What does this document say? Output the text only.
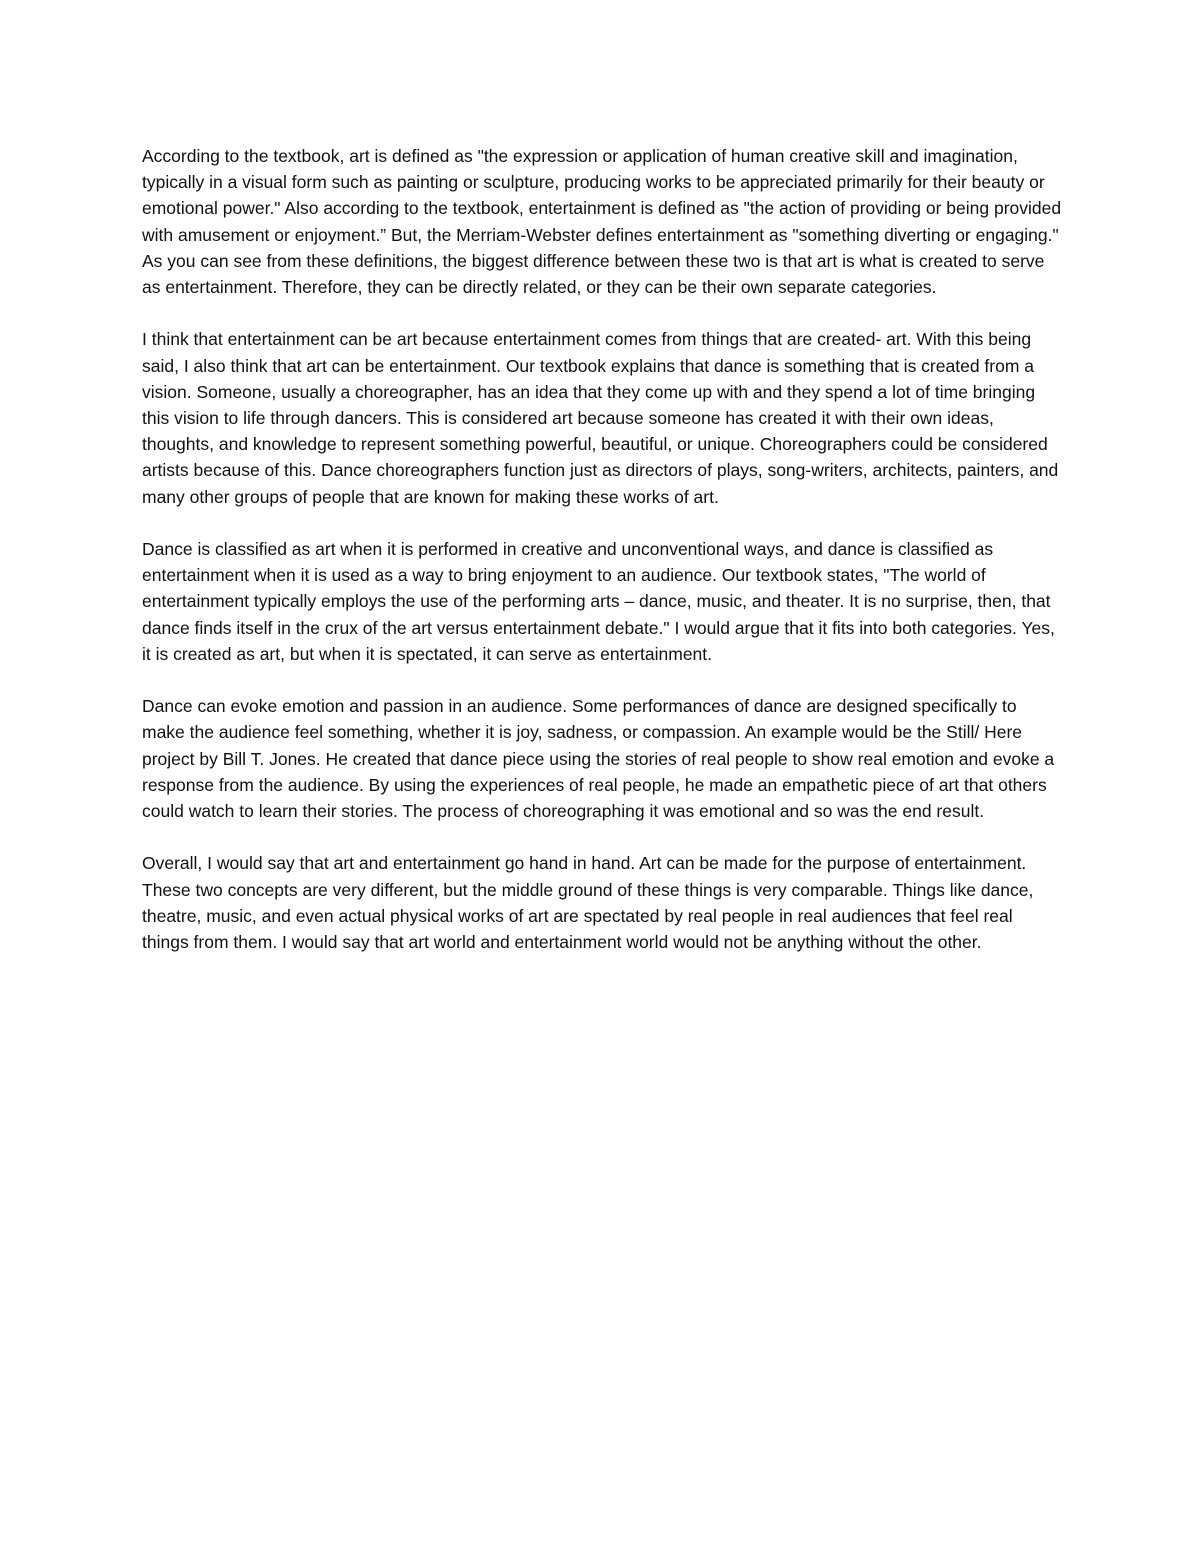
According to the textbook, art is defined as "the expression or application of human creative skill and imagination, typically in a visual form such as painting or sculpture, producing works to be appreciated primarily for their beauty or emotional power." Also according to the textbook, entertainment is defined as "the action of providing or being provided with amusement or enjoyment.” But, the Merriam-Webster defines entertainment as "something diverting or engaging." As you can see from these definitions, the biggest difference between these two is that art is what is created to serve as entertainment. Therefore, they can be directly related, or they can be their own separate categories.

I think that entertainment can be art because entertainment comes from things that are created- art. With this being said, I also think that art can be entertainment. Our textbook explains that dance is something that is created from a vision. Someone, usually a choreographer, has an idea that they come up with and they spend a lot of time bringing this vision to life through dancers. This is considered art because someone has created it with their own ideas, thoughts, and knowledge to represent something powerful, beautiful, or unique. Choreographers could be considered artists because of this. Dance choreographers function just as directors of plays, song-writers, architects, painters, and many other groups of people that are known for making these works of art.

Dance is classified as art when it is performed in creative and unconventional ways, and dance is classified as entertainment when it is used as a way to bring enjoyment to an audience. Our textbook states, "The world of entertainment typically employs the use of the performing arts – dance, music, and theater. It is no surprise, then, that dance finds itself in the crux of the art versus entertainment debate." I would argue that it fits into both categories. Yes, it is created as art, but when it is spectated, it can serve as entertainment.

Dance can evoke emotion and passion in an audience. Some performances of dance are designed specifically to make the audience feel something, whether it is joy, sadness, or compassion. An example would be the Still/ Here project by Bill T. Jones. He created that dance piece using the stories of real people to show real emotion and evoke a response from the audience. By using the experiences of real people, he made an empathetic piece of art that others could watch to learn their stories. The process of choreographing it was emotional and so was the end result.

Overall, I would say that art and entertainment go hand in hand. Art can be made for the purpose of entertainment. These two concepts are very different, but the middle ground of these things is very comparable. Things like dance, theatre, music, and even actual physical works of art are spectated by real people in real audiences that feel real things from them. I would say that art world and entertainment world would not be anything without the other.
